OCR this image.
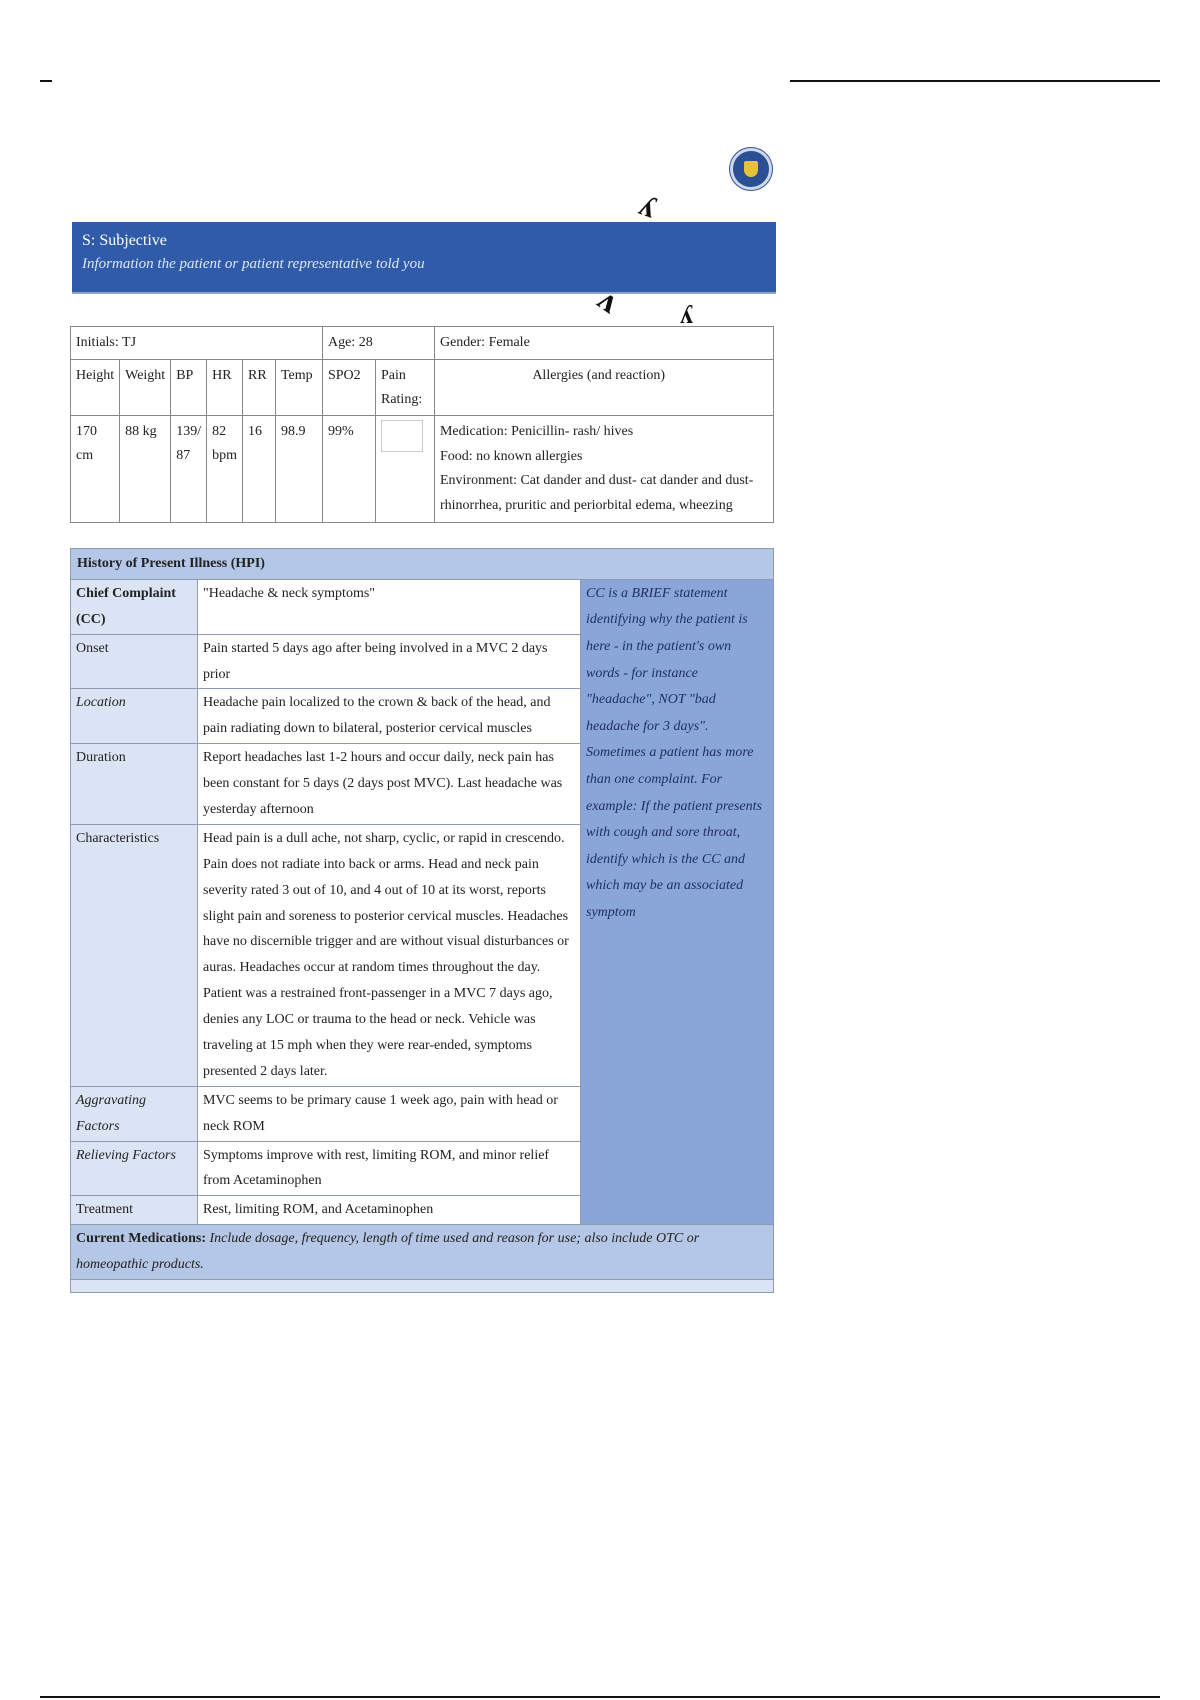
S: Subjective
Information the patient or patient representative told you
ʎ
ʌ ʎ
Initials: TJ						Age: 28		Gender: Female
Height	Weight	BP	HR	RR	Temp	SPO2	Pain Rating:	Allergies (and reaction)
170 cm	88 kg	139/ 87	82 bpm	16	98.9	99%		Medication: Penicillin- rash/ hives
Food: no known allergies
Environment: Cat dander and dust- cat dander and dust- rhinorrhea, pruritic and periorbital edema, wheezing
History of Present Illness (HPI)		
Chief Complaint (CC)	"Headache & neck symptoms"	CC is a BRIEF statement identifying why the patient is here - in the patient's own words - for instance "headache", NOT "bad headache for 3 days". Sometimes a patient has more than one complaint. For example: If the patient presents with cough and sore throat, identify which is the CC and which may be an associated symptom
Onset	Pain started 5 days ago after being involved in a MVC 2 days prior	
Location	Headache pain localized to the crown & back of the head, and pain radiating down to bilateral, posterior cervical muscles	
Duration	Report headaches last 1-2 hours and occur daily, neck pain has been constant for 5 days (2 days post MVC). Last headache was yesterday afternoon	
Characteristics	Head pain is a dull ache, not sharp, cyclic, or rapid in crescendo. Pain does not radiate into back or arms. Head and neck pain severity rated 3 out of 10, and 4 out of 10 at its worst, reports slight pain and soreness to posterior cervical muscles. Headaches have no discernible trigger and are without visual disturbances or auras. Headaches occur at random times throughout the day. Patient was a restrained front-passenger in a MVC 7 days ago, denies any LOC or trauma to the head or neck. Vehicle was traveling at 15 mph when they were rear-ended, symptoms presented 2 days later.	
Aggravating Factors	MVC seems to be primary cause 1 week ago, pain with head or neck ROM	
Relieving Factors	Symptoms improve with rest, limiting ROM, and minor relief from Acetaminophen	
Treatment	Rest, limiting ROM, and Acetaminophen	
Current Medications: Include dosage, frequency, length of time used and reason for use; also include OTC or homeopathic products.		
